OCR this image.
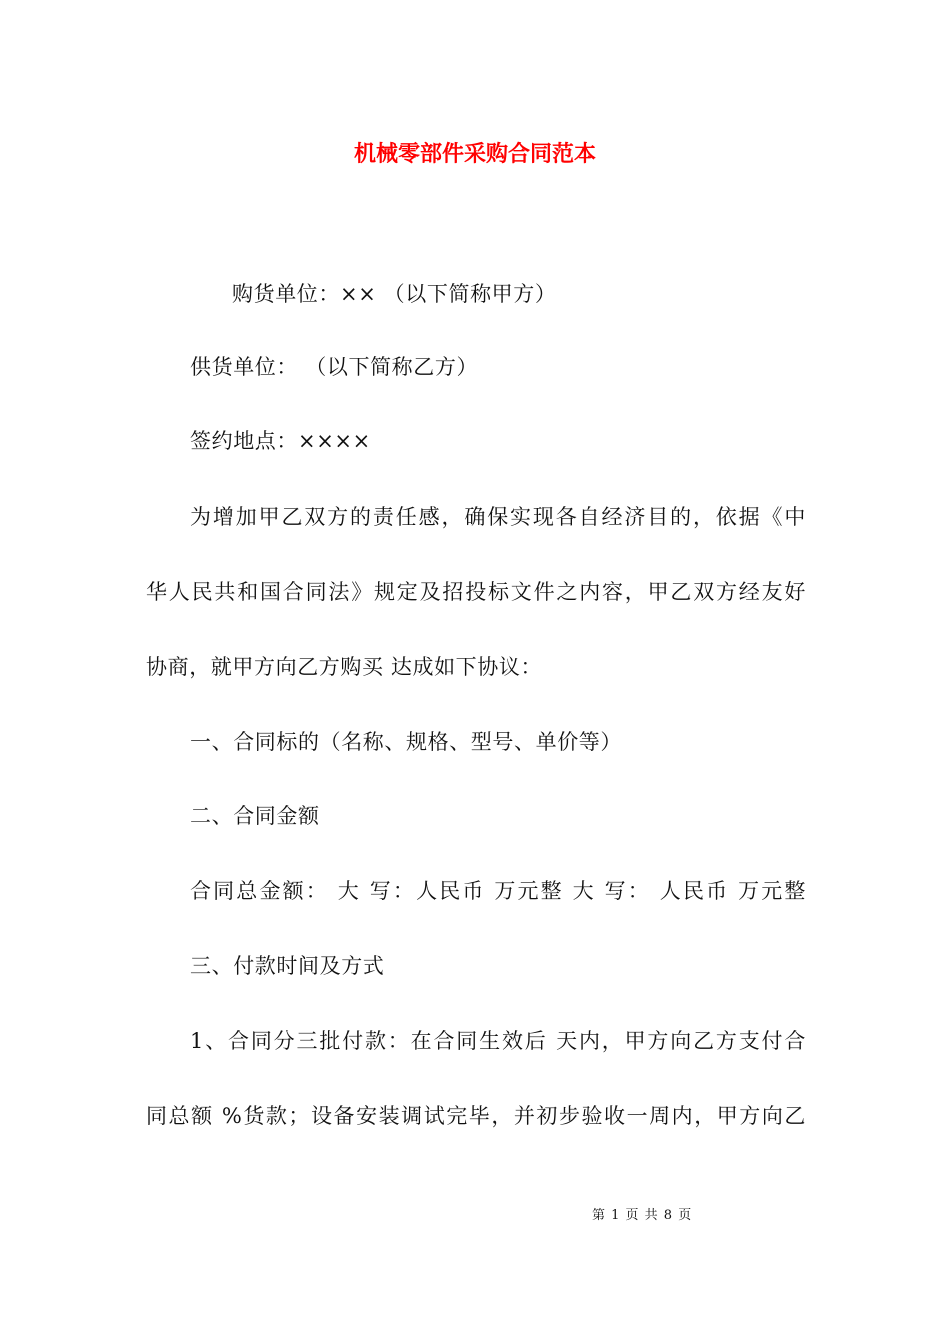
机械零部件采购合同范本
购货单位：×× （以下简称甲方）
供货单位： （以下简称乙方）
签约地点：××××
为增加甲乙双方的责任感，确保实现各自经济目的，依据《中
华人民共和国合同法》规定及招投标文件之内容，甲乙双方经友好
协商，就甲方向乙方购买 达成如下协议：
一、合同标的（名称、规格、型号、单价等）
二、合同金额
合同总金额： 大 写：人民币 万元整 大 写： 人民币 万元整
三、付款时间及方式
1、合同分三批付款：在合同生效后 天内，甲方向乙方支付合
同总额 %货款；设备安装调试完毕，并初步验收一周内，甲方向乙
第 1 页 共 8 页
